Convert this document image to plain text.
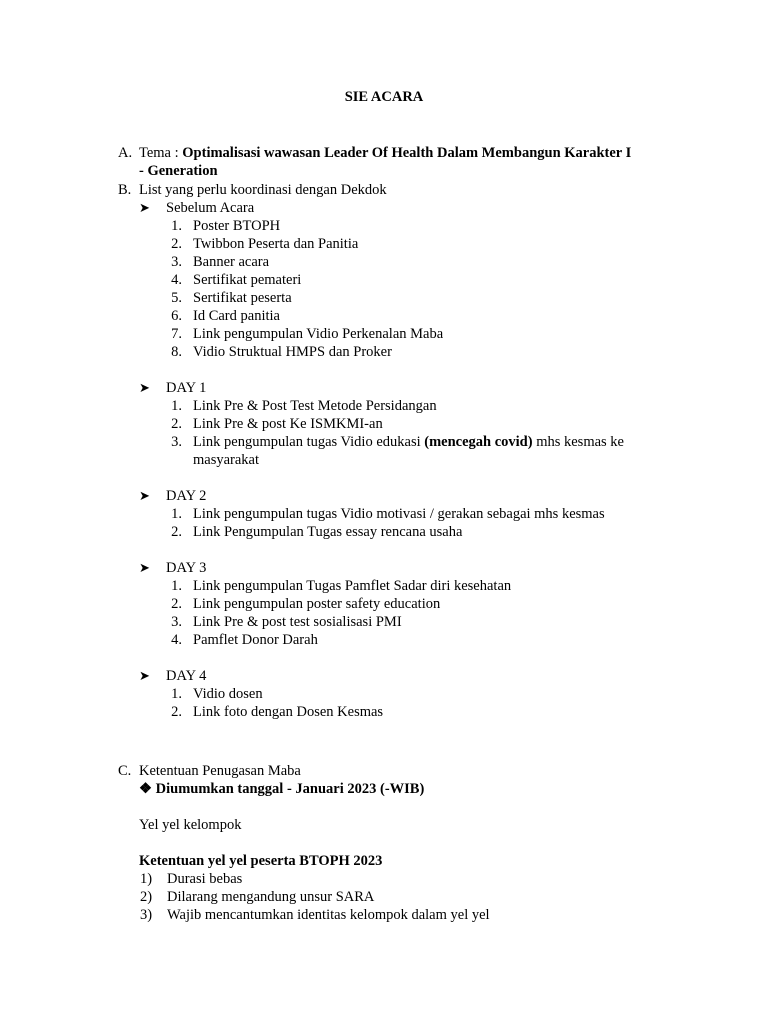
SIE ACARA
A. Tema : Optimalisasi wawasan Leader Of Health Dalam Membangun Karakter I
- Generation
B. List yang perlu koordinasi dengan Dekdok
➤ Sebelum Acara
1. Poster BTOPH
2. Twibbon Peserta dan Panitia
3. Banner acara
4. Sertifikat pemateri
5. Sertifikat peserta
6. Id Card panitia
7. Link pengumpulan Vidio Perkenalan Maba
8. Vidio Struktual HMPS dan Proker
➤ DAY 1
1. Link Pre & Post Test Metode Persidangan
2. Link Pre & post Ke ISMKMI-an
3. Link pengumpulan tugas Vidio edukasi (mencegah covid) mhs kesmas ke masyarakat
➤ DAY 2
1. Link pengumpulan tugas Vidio motivasi / gerakan sebagai mhs kesmas
2. Link Pengumpulan Tugas essay rencana usaha
➤ DAY 3
1. Link pengumpulan Tugas Pamflet Sadar diri kesehatan
2. Link pengumpulan poster safety education
3. Link Pre & post test sosialisasi PMI
4. Pamflet Donor Darah
➤ DAY 4
1. Vidio dosen
2. Link foto dengan Dosen Kesmas
C. Ketentuan Penugasan Maba
❖ Diumumkan tanggal - Januari 2023 (-WIB)
Yel yel kelompok
Ketentuan yel yel peserta BTOPH 2023
1) Durasi bebas
2) Dilarang mengandung unsur SARA
3) Wajib mencantumkan identitas kelompok dalam yel yel
